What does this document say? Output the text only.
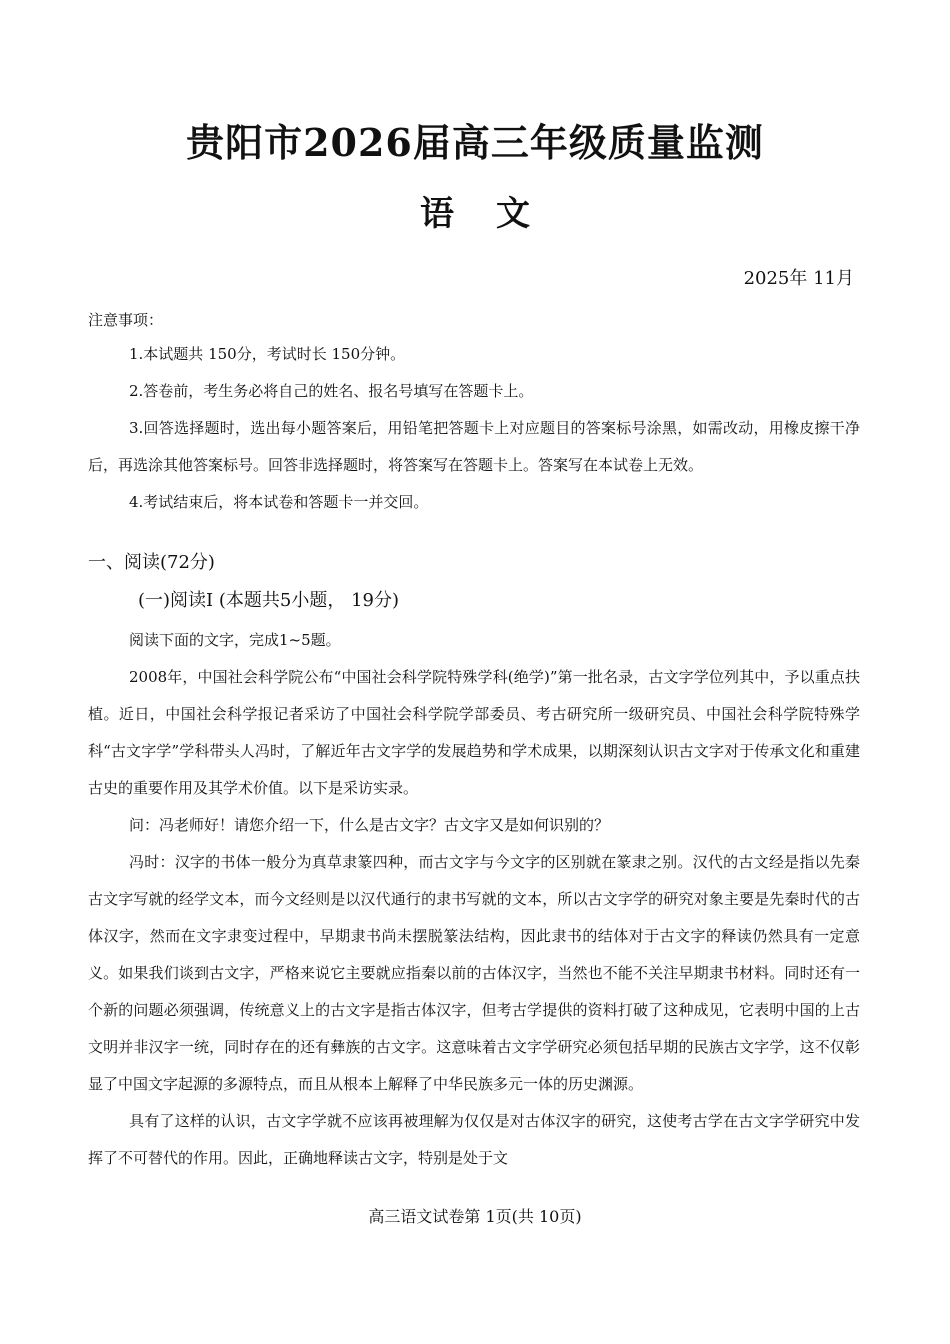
贵阳市2026届高三年级质量监测
语文
2025年 11月
注意事项：

1.本试题共 150分，考试时长 150分钟。

2.答卷前，考生务必将自己的姓名、报名号填写在答题卡上。

3.回答选择题时，选出每小题答案后，用铅笔把答题卡上对应题目的答案标号涂黑，如需改动，用橡皮擦干净后，再选涂其他答案标号。回答非选择题时，将答案写在答题卡上。答案写在本试卷上无效。

4.考试结束后，将本试卷和答题卡一并交回。

一、阅读(72分)
(一)阅读Ⅰ (本题共5小题， 19分)
阅读下面的文字，完成1~5题。

2008年，中国社会科学院公布“中国社会科学院特殊学科(绝学)”第一批名录，古文字学位列其中，予以重点扶植。近日，中国社会科学报记者采访了中国社会科学院学部委员、考古研究所一级研究员、中国社会科学院特殊学科“古文字学”学科带头人冯时，了解近年古文字学的发展趋势和学术成果，以期深刻认识古文字对于传承文化和重建古史的重要作用及其学术价值。以下是采访实录。

问：冯老师好！请您介绍一下，什么是古文字？古文字又是如何识别的？

冯时：汉字的书体一般分为真草隶篆四种，而古文字与今文字的区别就在篆隶之别。汉代的古文经是指以先秦古文字写就的经学文本，而今文经则是以汉代通行的隶书写就的文本，所以古文字学的研究对象主要是先秦时代的古体汉字，然而在文字隶变过程中，早期隶书尚未摆脱篆法结构，因此隶书的结体对于古文字的释读仍然具有一定意义。如果我们谈到古文字，严格来说它主要就应指秦以前的古体汉字，当然也不能不关注早期隶书材料。同时还有一个新的问题必须强调，传统意义上的古文字是指古体汉字，但考古学提供的资料打破了这种成见，它表明中国的上古文明并非汉字一统，同时存在的还有彝族的古文字。这意味着古文字学研究必须包括早期的民族古文字学，这不仅彰显了中国文字起源的多源特点，而且从根本上解释了中华民族多元一体的历史渊源。

具有了这样的认识，古文字学就不应该再被理解为仅仅是对古体汉字的研究，这使考古学在古文字学研究中发挥了不可替代的作用。因此，正确地释读古文字，特别是处于文

高三语文试卷第 1页(共 10页)
